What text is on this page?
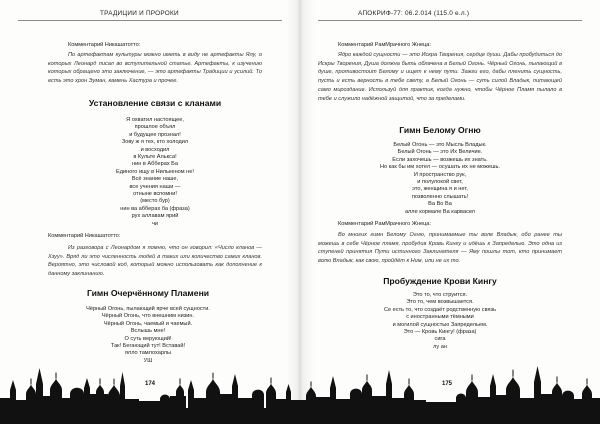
ТРАДИЦИИ И ПРОРОКИ
Комментарий Никашатотто:
По артефактам культуры можно иметь в виду не артефакты Ялу, о которых Леонард писал во вступительной статье. Артефакты, к изучению которых обращено это заключение, — это артефакты Традиции и усилий. То есть это хрон Эуман, камень Хастура и прочее.
Установление связи с кланами
Я охватил настоящее,
прошлое объял
и будущее прознал!
Зову ж я тех, кто холодил
и восходил
в Культе Алькса!
нин в Абберах Ба
Единого ищу в Нилькеном не!
Всё знание наше,
все учения наши —
отныне вспомни!
(место бур)
нин ва абберах ба (фраза)
рух аллавам ярий
чи
Комментарий Никашатотто:
Из разговора с Леонардом я помню, что он говорил: «Число кланов — Хзуу». Вряд ли это численность людей в таких или количество самих кланов. Вероятно, это числовой код, который можно использовать как дополнение к данному заклинанию.
Гимн Очерчённому Пламени
Чёрный Огонь, пылающий ярче всей сущности.
Чёрный Огонь, что внешним низин.
Чёрный Огонь, чаемый и чаемый.
Вслышь мне!
О суть верующий!
Так! Бегающий тут! Вставай!
ялло тамлохарлы
УШ
174
АПОКРИФ-77: 06.2.014 (115.0 е.л.)
Комментарий РамМрачного Жнеца:
Ядро каждой сущности — это Искра Творения, сердце души. Дабы пробудиться до Искры Творения, Душа должна быть облачена в Белый Огонь. Чёрный Огонь, пылающий в душе, противостоит Белому и ищет к нему пути. Зажги его, дабы пленить сущность, пусть и есть верность в тебе свету, а Белый Огонь — суть силой Владык, питающей само мироздание. Используй для практик, когда нужно, чтобы Чёрное Пламя пылало в тебе и служило надёжной защитой, что за пределами.
Гимн Белому Огню
Белый Огонь — это Мысль Владык.
Белый Огонь — это Их Величие.
Если захочешь — возжешь их знать.
Но как бы им хотел — осушать их не можешь.
И пространство рук,
и полулокой свет,
это, женщина я и нет,
позволенно слышать!
Ва Во Ва
алле кормале Ва карвасел
Комментарий РамМрачного Жнеца:
Во многих гимн Белому Огню, принимаемые ты воле Владык, обо ранее ты можешь в себе Чёрное пламя, пробудив Кровь Кингу и идёшь к Запределью. Это одна из ступеней принятия Пути истинного Заклинателя — Яму пошлы тот, кто принимает волю Владык, как свою, пройдёт к Ним, или не их то.
Пробуждение Крови Кингу
Это то, что струится.
Это то, чем возвышается.
Се есть то, что создаёт родственную связь
с иностранными тёмными
и могилой сущностью Запредельем.
Это — Кровь Кингу! (фраза)
сига
лу ан
175
